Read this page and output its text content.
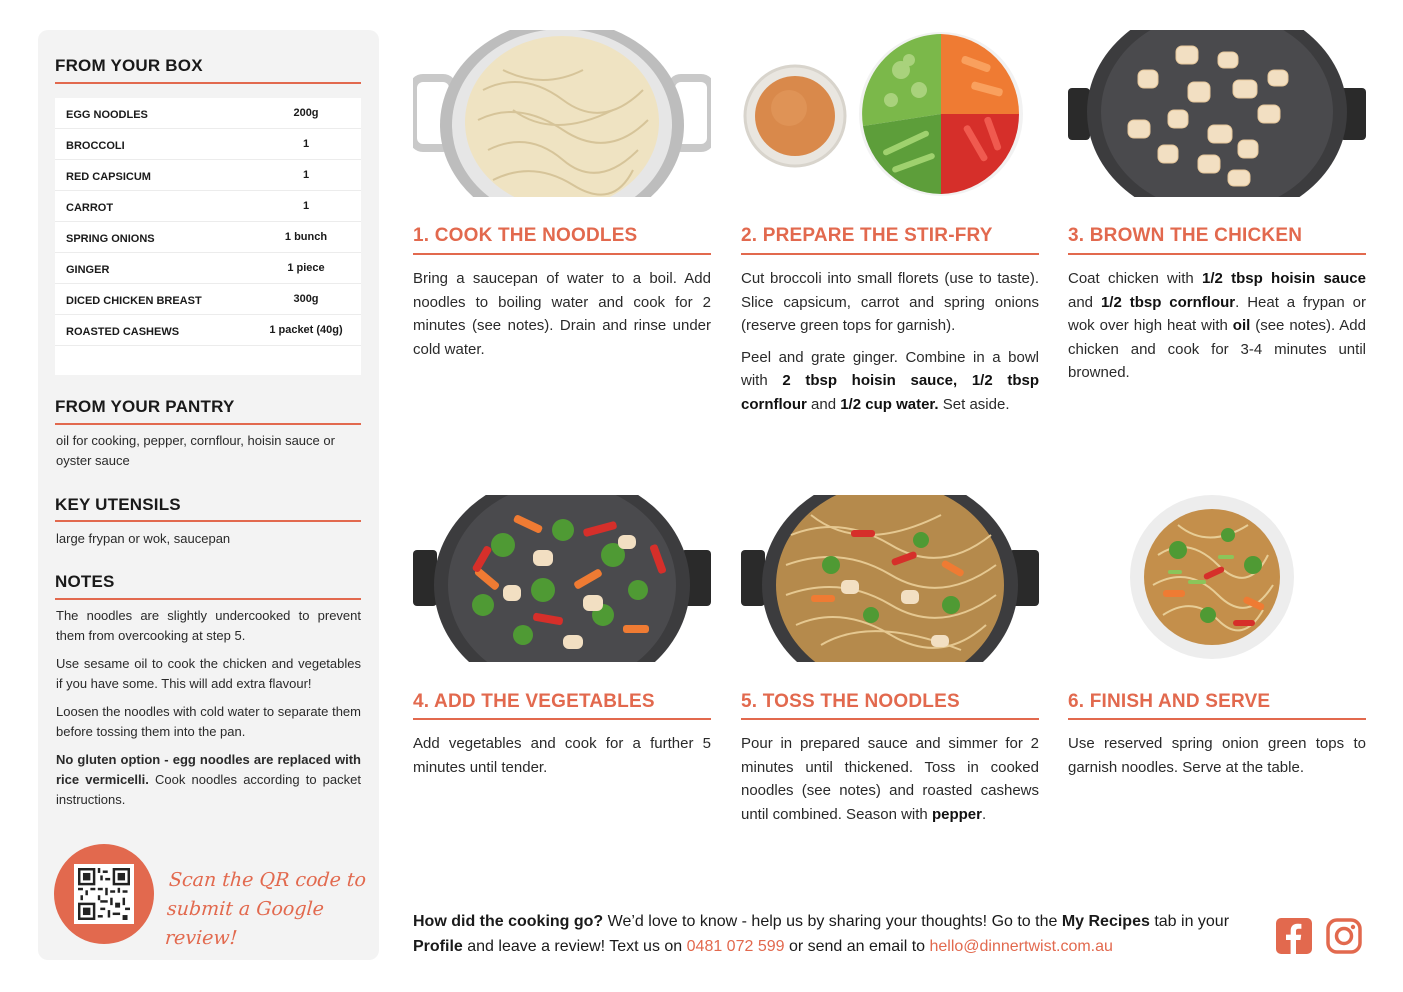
FROM YOUR BOX
EGG NOODLES	200g
BROCCOLI	1
RED CAPSICUM	1
CARROT	1
SPRING ONIONS	1 bunch
GINGER	1 piece
DICED CHICKEN BREAST	300g
ROASTED CASHEWS	1 packet (40g)
FROM YOUR PANTRY
oil for cooking, pepper, cornflour, hoisin sauce or oyster sauce
KEY UTENSILS
large frypan or wok, saucepan
NOTES

The noodles are slightly undercooked to prevent them from overcooking at step 5.

Use sesame oil to cook the chicken and vegetables if you have some. This will add extra flavour!

Loosen the noodles with cold water to separate them before tossing them into the pan.

No gluten option - egg noodles are replaced with rice vermicelli. Cook noodles according to packet instructions.

Scan the QR code to
submit a Google review!
1. COOK THE NOODLES
Bring a saucepan of water to a boil. Add noodles to boiling water and cook for 2 minutes (see notes). Drain and rinse under cold water.
2. PREPARE THE STIR-FRY

Cut broccoli into small florets (use to taste). Slice capsicum, carrot and spring onions (reserve green tops for garnish).

Peel and grate ginger. Combine in a bowl with 2 tbsp hoisin sauce, 1/2 tbsp cornflour and 1/2 cup water. Set aside.

3. BROWN THE CHICKEN

Coat chicken with 1/2 tbsp hoisin sauce and 1/2 tbsp cornflour. Heat a frypan or wok over high heat with oil (see notes). Add chicken and cook for 3-4 minutes until browned.

4. ADD THE VEGETABLES
Add vegetables and cook for a further 5 minutes until tender.
5. TOSS THE NOODLES

Pour in prepared sauce and simmer for 2 minutes until thickened. Toss in cooked noodles (see notes) and roasted cashews until combined. Season with pepper.

6. FINISH AND SERVE
Use reserved spring onion green tops to garnish noodles. Serve at the table.
How did the cooking go? We’d love to know - help us by sharing your thoughts! Go to the My Recipes tab in your Profile and leave a review! Text us on 0481 072 599 or send an email to hello@dinnertwist.com.au
